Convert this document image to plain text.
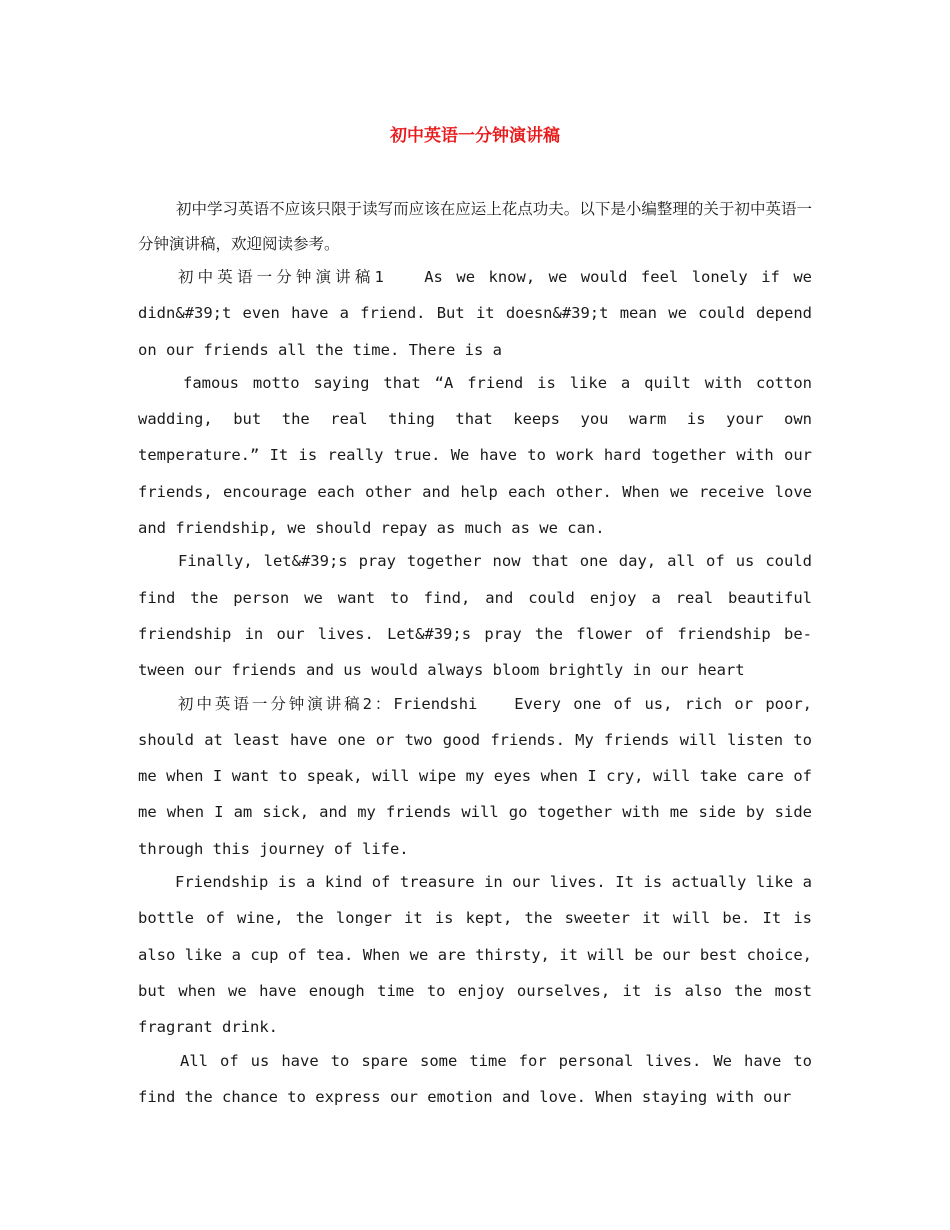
初中英语一分钟演讲稿

初中学习英语不应该只限于读写而应该在应运上花点功夫。以下是小编整理的关于初中英语一分钟演讲稿，欢迎阅读参考。

初中英语一分钟演讲稿1   As we know, we would feel lonely if we didn&#39;t even have a friend. But it doesn&#39;t mean we could depend on our friends all the time. There is a

famous motto saying that “A friend is like a quilt with cotton wadding, but the real thing that keeps you warm is your own temperature.” It is really true. We have to work hard together with our friends, encourage each other and help each other. When we receive love and friendship, we should repay as much as we can.

Finally, let&#39;s pray together now that one day, all of us could find the person we want to find, and could enjoy a real beautiful friendship in our lives. Let&#39;s pray the flower of friendship be-tween our friends and us would always bloom brightly in our heart

初中英语一分钟演讲稿2：Friendshi   Every one of us, rich or poor, should at least have one or two good friends. My friends will listen to me when I want to speak, will wipe my eyes when I cry, will take care of me when I am sick, and my friends will go together with me side by side through this journey of life.

Friendship is a kind of treasure in our lives. It is actually like a bottle of wine, the longer it is kept, the sweeter it will be. It is also like a cup of tea. When we are thirsty, it will be our best choice, but when we have enough time to enjoy ourselves, it is also the most fragrant drink.

All of us have to spare some time for personal lives. We have to find the chance to express our emotion and love. When staying with our
